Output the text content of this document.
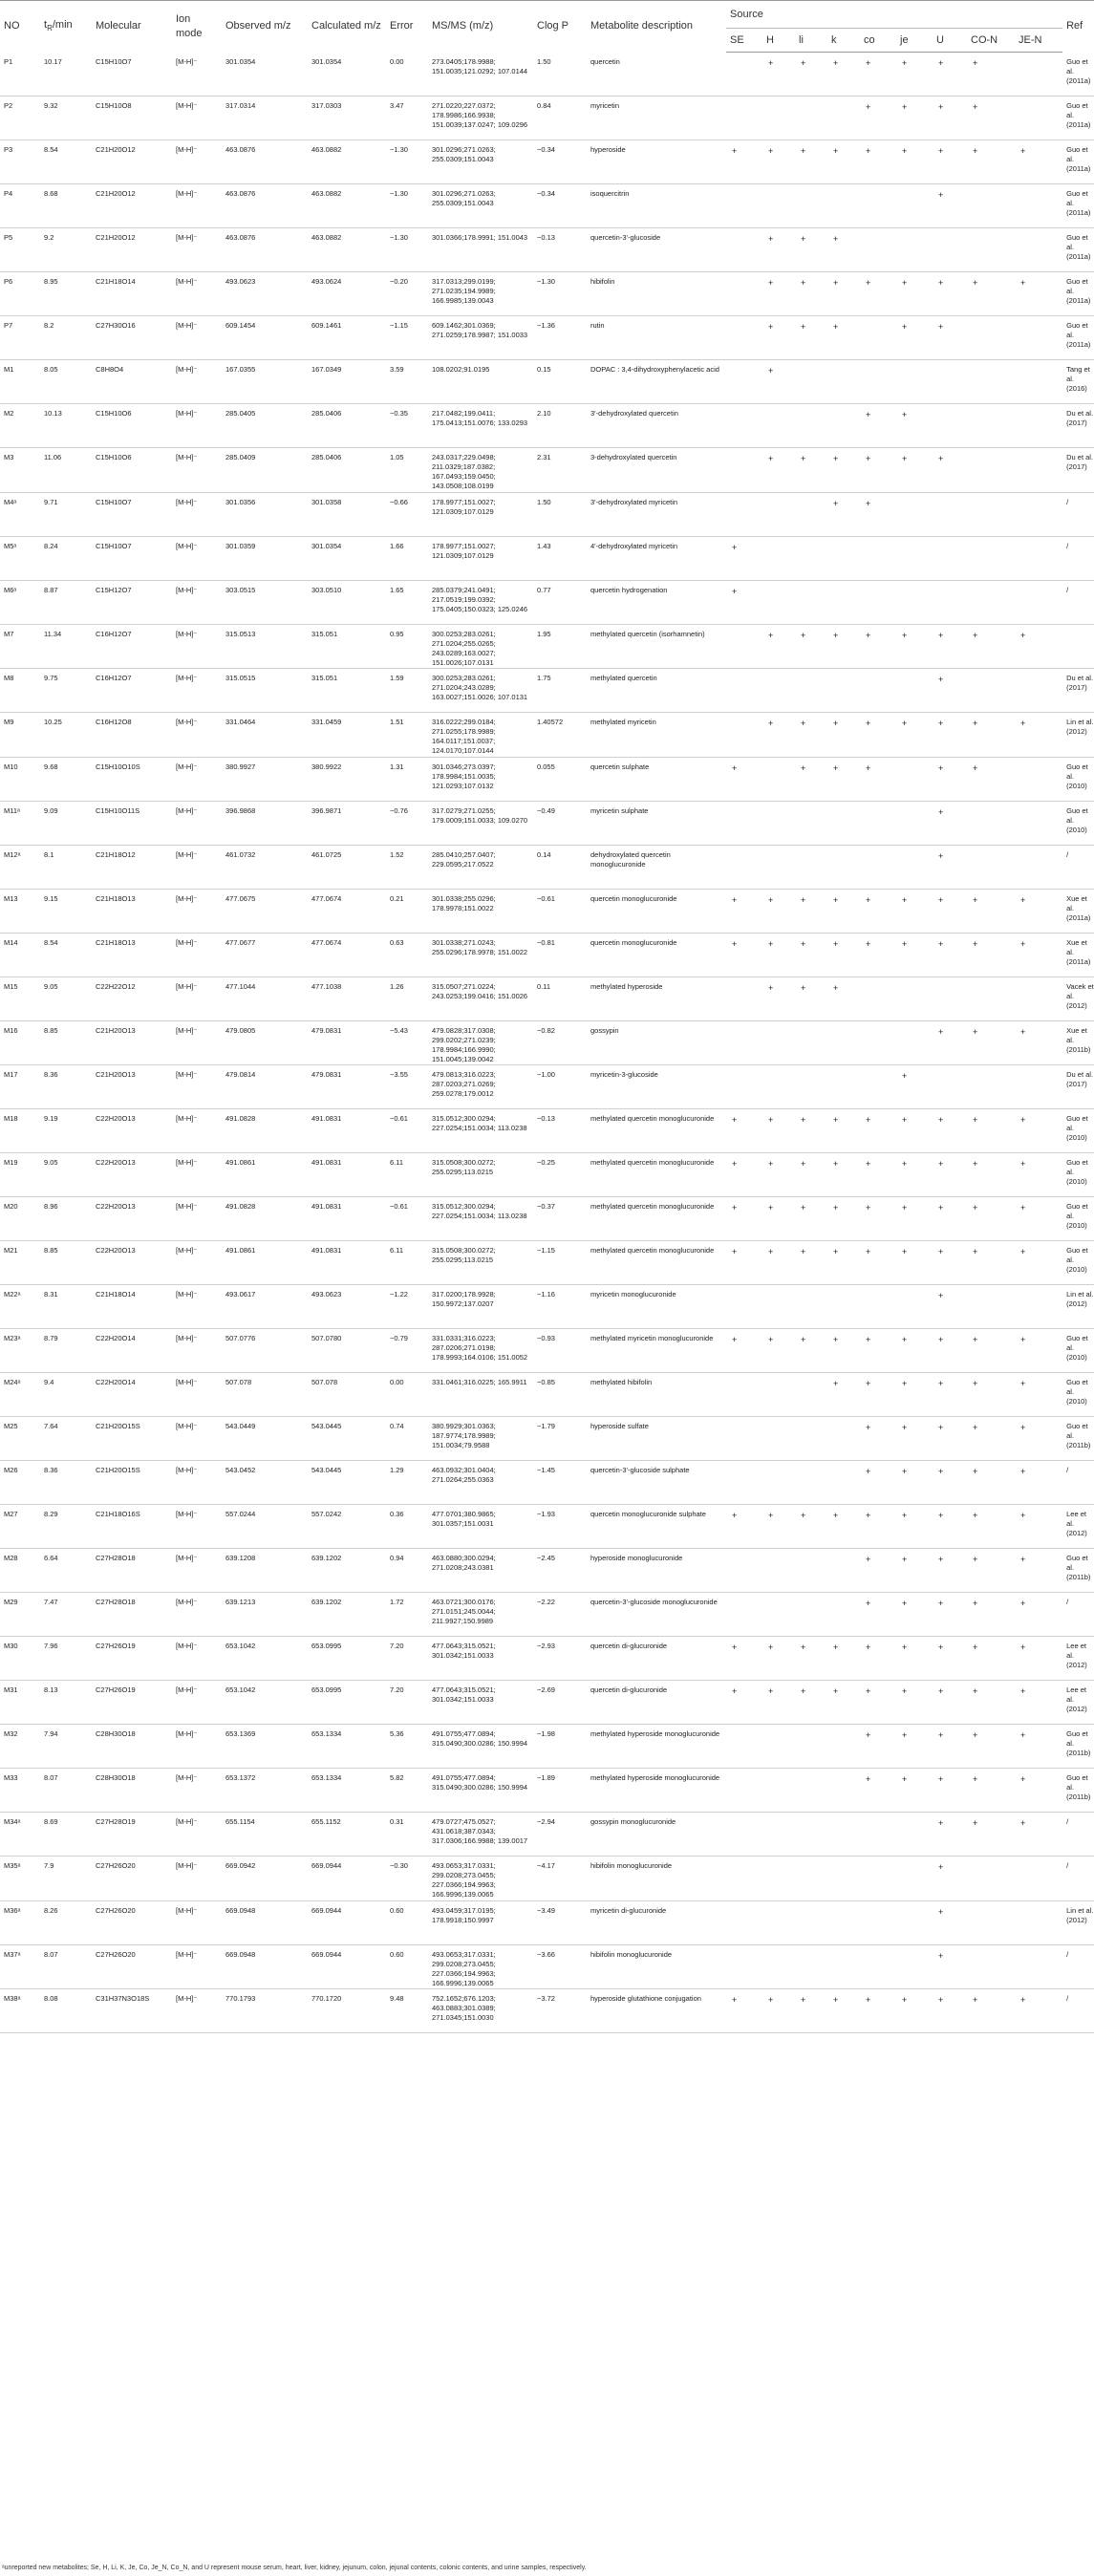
NO	$t_R/\min$	Molecular	Ion mode	Observed m/z	Calculated m/z	Error	MS/MS (m/z)	Clog P	Metabolite description	Source									Ref
										SE	H	li	k	co	je	U	CO-N	JE-N	
P1	10.17	C15H10O7	[M-H]⁻	301.0354	301.0354	0.00	273.0405;178.9988; 151.0035;121.0292; 107.0144	1.50	quercetin		+	+	+	+	+	+	+		Guo et al. (2011a)
P2	9.32	C15H10O8	[M-H]⁻	317.0314	317.0303	3.47	271.0220;227.0372; 178.9986;166.9938; 151.0039;137.0247; 109.0296	0.84	myricetin					+	+	+	+		Guo et al. (2011a)
P3	8.54	C21H20O12	[M-H]⁻	463.0876	463.0882	−1.30	301.0296;271.0263; 255.0309;151.0043	−0.34	hyperoside	+	+	+	+	+	+	+	+	+	Guo et al. (2011a)
P4	8.68	C21H20O12	[M-H]⁻	463.0876	463.0882	−1.30	301.0296;271.0263; 255.0309;151.0043	−0.34	isoquercitrin							+			Guo et al. (2011a)
P5	9.2	C21H20O12	[M-H]⁻	463.0876	463.0882	−1.30	301.0366;178.9991; 151.0043	−0.13	quercetin-3'-glucoside		+	+	+						Guo et al. (2011a)
P6	8.95	C21H18O14	[M-H]⁻	493.0623	493.0624	−0.20	317.0313;299.0199; 271.0235;194.9989; 166.9985;139.0043	−1.30	hibifolin		+	+	+	+	+	+	+	+	Guo et al. (2011a)
P7	8.2	C27H30O16	[M-H]⁻	609.1454	609.1461	−1.15	609.1462;301.0369; 271.0259;178.9987; 151.0033	−1.36	rutin		+	+	+		+	+			Guo et al. (2011a)
M1	8.05	C8H8O4	[M-H]⁻	167.0355	167.0349	3.59	108.0202;91.0195	0.15	DOPAC : 3,4-dihydroxyphenylacetic acid		+								Tang et al. (2016)
M2	10.13	C15H10O6	[M-H]⁻	285.0405	285.0406	−0.35	217.0482;199.0411; 175.0413;151.0076; 133.0293	2.10	3'-dehydroxylated quercetin					+	+				Du et al. (2017)
M3	11.06	C15H10O6	[M-H]⁻	285.0409	285.0406	1.05	243.0317;229.0498; 211.0329;187.0382; 167.0493;159.0450; 143.0508;108.0199	2.31	3-dehydroxylated quercetin		+	+	+	+	+	+			Du et al. (2017)
M4ᵃ	9.71	C15H10O7	[M-H]⁻	301.0356	301.0358	−0.66	178.9977;151.0027; 121.0309;107.0129	1.50	3'-dehydroxylated myricetin				+	+					/
M5ᵃ	8.24	C15H10O7	[M-H]⁻	301.0359	301.0354	1.66	178.9977;151.0027; 121.0309;107.0129	1.43	4'-dehydroxylated myricetin	+									/
M6ᵃ	8.87	C15H12O7	[M-H]⁻	303.0515	303.0510	1.65	285.0379;241.0491; 217.0519;199.0392; 175.0405;150.0323; 125.0246	0.77	quercetin hydrogenation	+									/
M7	11.34	C16H12O7	[M-H]⁻	315.0513	315.051	0.95	300.0253;283.0261; 271.0204;255.0265; 243.0289;163.0027; 151.0026;107.0131	1.95	methylated quercetin (isorhamnetin)		+	+	+	+	+	+	+	+	
M8	9.75	C16H12O7	[M-H]⁻	315.0515	315.051	1.59	300.0253;283.0261; 271.0204;243.0289; 163.0027;151.0026; 107.0131	1.75	methylated quercetin							+			Du et al. (2017)
M9	10.25	C16H12O8	[M-H]⁻	331.0464	331.0459	1.51	316.0222;299.0184; 271.0255;178.9989; 164.0117;151.0037; 124.0170;107.0144	1.40572	methylated myricetin		+	+	+	+	+	+	+	+	Lin et al. (2012)
M10	9.68	C15H10O10S	[M-H]⁻	380.9927	380.9922	1.31	301.0346;273.0397; 178.9984;151.0035; 121.0293;107.0132	0.055	quercetin sulphate	+		+	+	+		+	+		Guo et al. (2010)
M11ᵃ	9.09	C15H10O11S	[M-H]⁻	396.9868	396.9871	−0.76	317.0279;271.0255; 179.0009;151.0033; 109.0270	−0.49	myricetin sulphate							+			Guo et al. (2010)
M12ᵃ	8.1	C21H18O12	[M-H]⁻	461.0732	461.0725	1.52	285.0410;257.0407; 229.0595;217.0522	0.14	dehydroxylated quercetin monoglucuronide							+			/
M13	9.15	C21H18O13	[M-H]⁻	477.0675	477.0674	0.21	301.0338;255.0296; 178.9978;151.0022	−0.61	quercetin monoglucuronide	+	+	+	+	+	+	+	+	+	Xue et al. (2011a)
M14	8.54	C21H18O13	[M-H]⁻	477.0677	477.0674	0.63	301.0338;271.0243; 255.0296;178.9978; 151.0022	−0.81	quercetin monoglucuronide	+	+	+	+	+	+	+	+	+	Xue et al. (2011a)
M15	9.05	C22H22O12	[M-H]⁻	477.1044	477.1038	1.26	315.0507;271.0224; 243.0253;199.0416; 151.0026	0.11	methylated hyperoside		+	+	+						Vacek et al. (2012)
M16	8.85	C21H20O13	[M-H]⁻	479.0805	479.0831	−5.43	479.0828;317.0308; 299.0202;271.0239; 178.9984;166.9990; 151.0045;139.0042	−0.82	gossypin							+	+	+	Xue et al. (2011b)
M17	8.36	C21H20O13	[M-H]⁻	479.0814	479.0831	−3.55	479.0813;316.0223; 287.0203;271.0269; 259.0278;179.0012	−1.00	myricetin-3-glucoside						+				Du et al. (2017)
M18	9.19	C22H20O13	[M-H]⁻	491.0828	491.0831	−0.61	315.0512;300.0294; 227.0254;151.0034; 113.0238	−0.13	methylated quercetin monoglucuronide	+	+	+	+	+	+	+	+	+	Guo et al. (2010)
M19	9.05	C22H20O13	[M-H]⁻	491.0861	491.0831	6.11	315.0508;300.0272; 255.0295;113.0215	−0.25	methylated quercetin monoglucuronide	+	+	+	+	+	+	+	+	+	Guo et al. (2010)
M20	8.96	C22H20O13	[M-H]⁻	491.0828	491.0831	−0.61	315.0512;300.0294; 227.0254;151.0034; 113.0238	−0.37	methylated quercetin monoglucuronide	+	+	+	+	+	+	+	+	+	Guo et al. (2010)
M21	8.85	C22H20O13	[M-H]⁻	491.0861	491.0831	6.11	315.0508;300.0272; 255.0295;113.0215	−1.15	methylated quercetin monoglucuronide	+	+	+	+	+	+	+	+	+	Guo et al. (2010)
M22ᵃ	8.31	C21H18O14	[M-H]⁻	493.0617	493.0623	−1.22	317.0200;178.9928; 150.9972;137.0207	−1.16	myricetin monoglucuronide							+			Lin et al. (2012)
M23ᵃ	8.79	C22H20O14	[M-H]⁻	507.0776	507.0780	−0.79	331.0331;316.0223; 287.0206;271.0198; 178.9993;164.0106; 151.0052	−0.93	methylated myricetin monoglucuronide	+	+	+	+	+	+	+	+	+	Guo et al. (2010)
M24ᵃ	9.4	C22H20O14	[M-H]⁻	507.078	507.078	0.00	331.0461;316.0225; 165.9911	−0.85	methylated hibifolin				+	+	+	+	+	+	Guo et al. (2010)
M25	7.64	C21H20O15S	[M-H]⁻	543.0449	543.0445	0.74	380.9929;301.0363; 187.9774;178.9989; 151.0034;79.9588	−1.79	hyperoside sulfate					+	+	+	+	+	Guo et al. (2011b)
M26	8.36	C21H20O15S	[M-H]⁻	543.0452	543.0445	1.29	463.0932;301.0404; 271.0264;255.0363	−1.45	quercetin-3'-glucoside sulphate					+	+	+	+	+	/
M27	8.29	C21H18O16S	[M-H]⁻	557.0244	557.0242	0.36	477.0701;380.9865; 301.0357;151.0031	−1.93	quercetin monoglucuronide sulphate	+	+	+	+	+	+	+	+	+	Lee et al. (2012)
M28	6.64	C27H28O18	[M-H]⁻	639.1208	639.1202	0.94	463.0880;300.0294; 271.0208;243.0381	−2.45	hyperoside monoglucuronide					+	+	+	+	+	Guo et al. (2011b)
M29	7.47	C27H28O18	[M-H]⁻	639.1213	639.1202	1.72	463.0721;300.0176; 271.0151;245.0044; 211.9927;150.9989	−2.22	quercetin-3'-glucoside monoglucuronide					+	+	+	+	+	/
M30	7.96	C27H26O19	[M-H]⁻	653.1042	653.0995	7.20	477.0643;315.0521; 301.0342;151.0033	−2.93	quercetin di-glucuronide	+	+	+	+	+	+	+	+	+	Lee et al. (2012)
M31	8.13	C27H26O19	[M-H]⁻	653.1042	653.0995	7.20	477.0643;315.0521; 301.0342;151.0033	−2.69	quercetin di-glucuronide	+	+	+	+	+	+	+	+	+	Lee et al. (2012)
M32	7.94	C28H30O18	[M-H]⁻	653.1369	653.1334	5.36	491.0755;477.0894; 315.0490;300.0286; 150.9994	−1.98	methylated hyperoside monoglucuronide					+	+	+	+	+	Guo et al. (2011b)
M33	8.07	C28H30O18	[M-H]⁻	653.1372	653.1334	5.82	491.0755;477.0894; 315.0490;300.0286; 150.9994	−1.89	methylated hyperoside monoglucuronide					+	+	+	+	+	Guo et al. (2011b)
M34ᵃ	8.69	C27H28O19	[M-H]⁻	655.1154	655.1152	0.31	479.0727;475.0527; 431.0618;387.0343; 317.0306;166.9988; 139.0017	−2.94	gossypin monoglucuronide							+	+	+	/
M35ᵃ	7.9	C27H26O20	[M-H]⁻	669.0942	669.0944	−0.30	493.0653;317.0331; 299.0208;273.0455; 227.0366;194.9963; 166.9996;139.0065	−4.17	hibifolin monoglucuronide							+			/
M36ᵃ	8.26	C27H26O20	[M-H]⁻	669.0948	669.0944	0.60	493.0459;317.0195; 178.9918;150.9997	−3.49	myricetin di-glucuronide							+			Lin et al. (2012)
M37ᵃ	8.07	C27H26O20	[M-H]⁻	669.0948	669.0944	0.60	493.0653;317.0331; 299.0208;273.0455; 227.0366;194.9963; 166.9996;139.0065	−3.66	hibifolin monoglucuronide							+			/
M38ᵃ	8.08	C31H37N3O18S	[M-H]⁻	770.1793	770.1720	9.48	752.1652;676.1203; 463.0883;301.0389; 271.0345;151.0030	−3.72	hyperoside glutathione conjugation	+	+	+	+	+	+	+	+	+	/
ᵃunreported new metabolites; Se, H, Li, K, Je, Co, Je_N, Co_N, and U represent mouse serum, heart, liver, kidney, jejunum, colon, jejunal contents, colonic contents, and urine samples, respectively.
